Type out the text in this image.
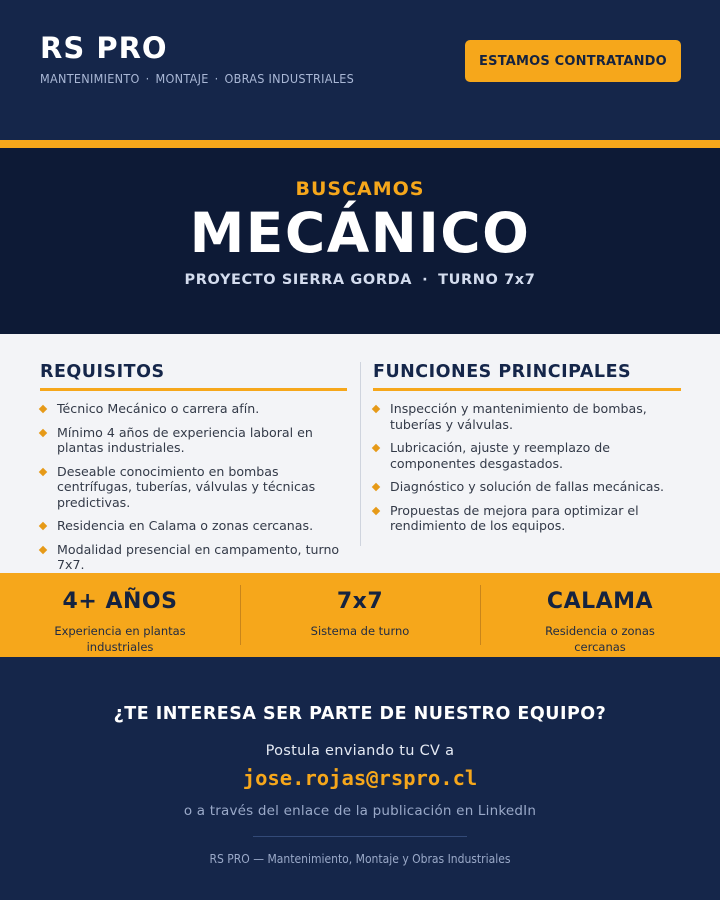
RS PRO
MANTENIMIENTO · MONTAJE · OBRAS INDUSTRIALES
ESTAMOS CONTRATANDO
BUSCAMOS
MECÁNICO
PROYECTO SIERRA GORDA · TURNO 7x7
REQUISITOS
Técnico Mecánico o carrera afín.
Mínimo 4 años de experiencia laboral en plantas industriales.
Deseable conocimiento en bombas centrífugas, tuberías, válvulas y técnicas predictivas.
Residencia en Calama o zonas cercanas.
Modalidad presencial en campamento, turno 7x7.
FUNCIONES PRINCIPALES
Inspección y mantenimiento de bombas, tuberías y válvulas.
Lubricación, ajuste y reemplazo de componentes desgastados.
Diagnóstico y solución de fallas mecánicas.
Propuestas de mejora para optimizar el rendimiento de los equipos.
4+ AÑOS
Experiencia en plantas industriales
7x7
Sistema de turno
CALAMA
Residencia o zonas cercanas
¿TE INTERESA SER PARTE DE NUESTRO EQUIPO?
Postula enviando tu CV a
jose.rojas@rspro.cl
o a través del enlace de la publicación en LinkedIn
RS PRO — Mantenimiento, Montaje y Obras Industriales
